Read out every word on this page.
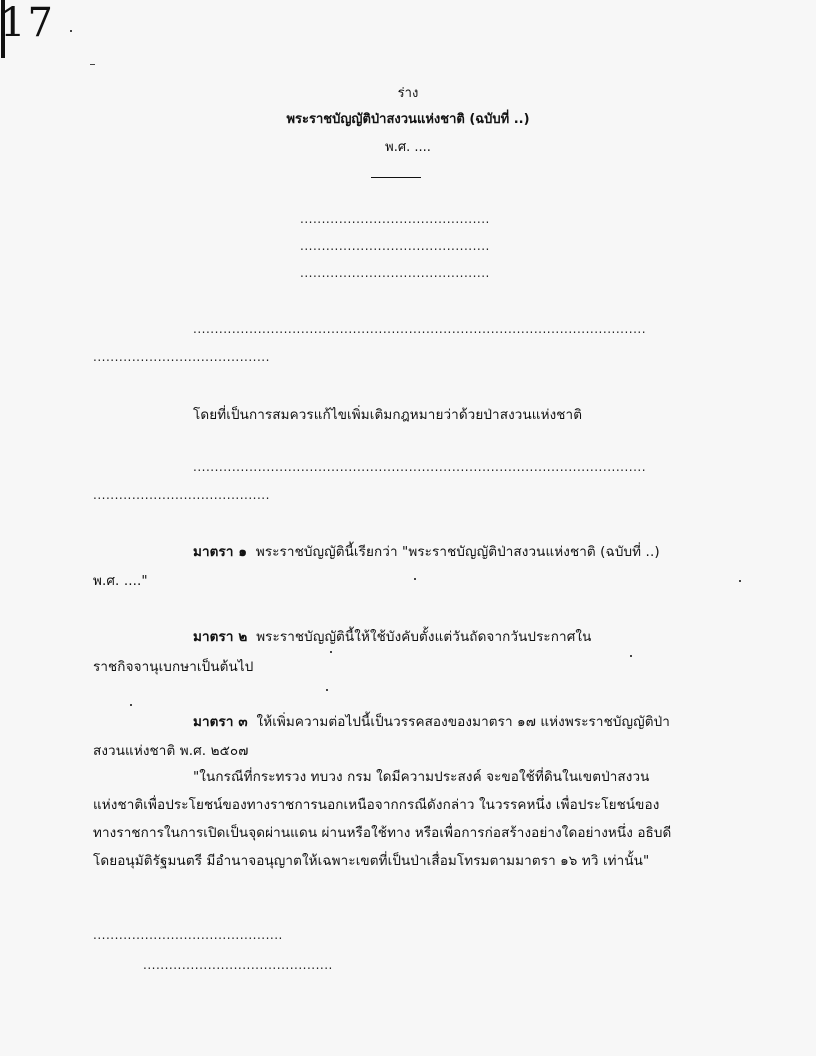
17
ร่าง
พระราชบัญญัติป่าสงวนแห่งชาติ (ฉบับที่ ..)
พ.ศ. ....
............................................
............................................
............................................
.........................................................................................................
.........................................
โดยที่เป็นการสมควรแก้ไขเพิ่มเติมกฎหมายว่าด้วยป่าสงวนแห่งชาติ
.........................................................................................................
.........................................
มาตรา ๑ พระราชบัญญัตินี้เรียกว่า "พระราชบัญญัติป่าสงวนแห่งชาติ (ฉบับที่ ..)
พ.ศ. ...."
มาตรา ๒ พระราชบัญญัตินี้ให้ใช้บังคับตั้งแต่วันถัดจากวันประกาศใน
ราชกิจจานุเบกษาเป็นต้นไป
มาตรา ๓ ให้เพิ่มความต่อไปนี้เป็นวรรคสองของมาตรา ๑๗ แห่งพระราชบัญญัติป่า
สงวนแห่งชาติ พ.ศ. ๒๕๐๗
"ในกรณีที่กระทรวง ทบวง กรม ใดมีความประสงค์ จะขอใช้ที่ดินในเขตป่าสงวน
แห่งชาติเพื่อประโยชน์ของทางราชการนอกเหนือจากกรณีดังกล่าว ในวรรคหนึ่ง เพื่อประโยชน์ของ
ทางราชการในการเปิดเป็นจุดผ่านแดน ผ่านหรือใช้ทาง หรือเพื่อการก่อสร้างอย่างใดอย่างหนึ่ง อธิบดี
โดยอนุมัติรัฐมนตรี มีอำนาจอนุญาตให้เฉพาะเขตที่เป็นป่าเสื่อมโทรมตามมาตรา ๑๖ ทวิ เท่านั้น"
............................................
............................................
